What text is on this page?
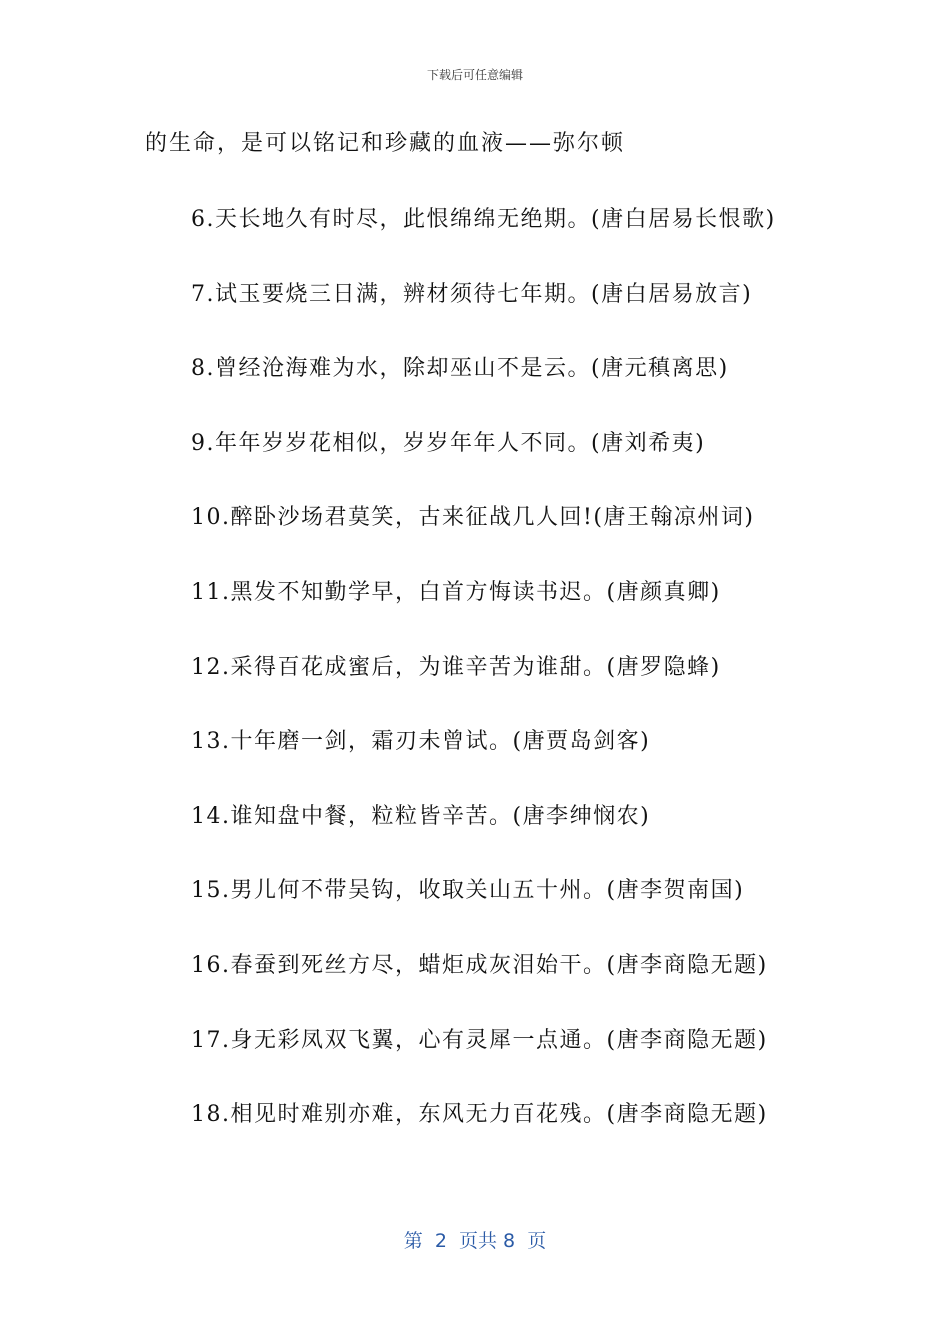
下载后可任意编辑
的生命，是可以铭记和珍藏的血液——弥尔顿
6.天长地久有时尽，此恨绵绵无绝期。(唐白居易长恨歌)
7.试玉要烧三日满，辨材须待七年期。(唐白居易放言)
8.曾经沧海难为水，除却巫山不是云。(唐元稹离思)
9.年年岁岁花相似，岁岁年年人不同。(唐刘希夷)
10.醉卧沙场君莫笑，古来征战几人回!(唐王翰凉州词)
11.黑发不知勤学早，白首方悔读书迟。(唐颜真卿)
12.采得百花成蜜后，为谁辛苦为谁甜。(唐罗隐蜂)
13.十年磨一剑，霜刃未曾试。(唐贾岛剑客)
14.谁知盘中餐，粒粒皆辛苦。(唐李绅悯农)
15.男儿何不带吴钩，收取关山五十州。(唐李贺南国)
16.春蚕到死丝方尽，蜡炬成灰泪始干。(唐李商隐无题)
17.身无彩凤双飞翼，心有灵犀一点通。(唐李商隐无题)
18.相见时难别亦难，东风无力百花残。(唐李商隐无题)
第  2  页共 8  页
